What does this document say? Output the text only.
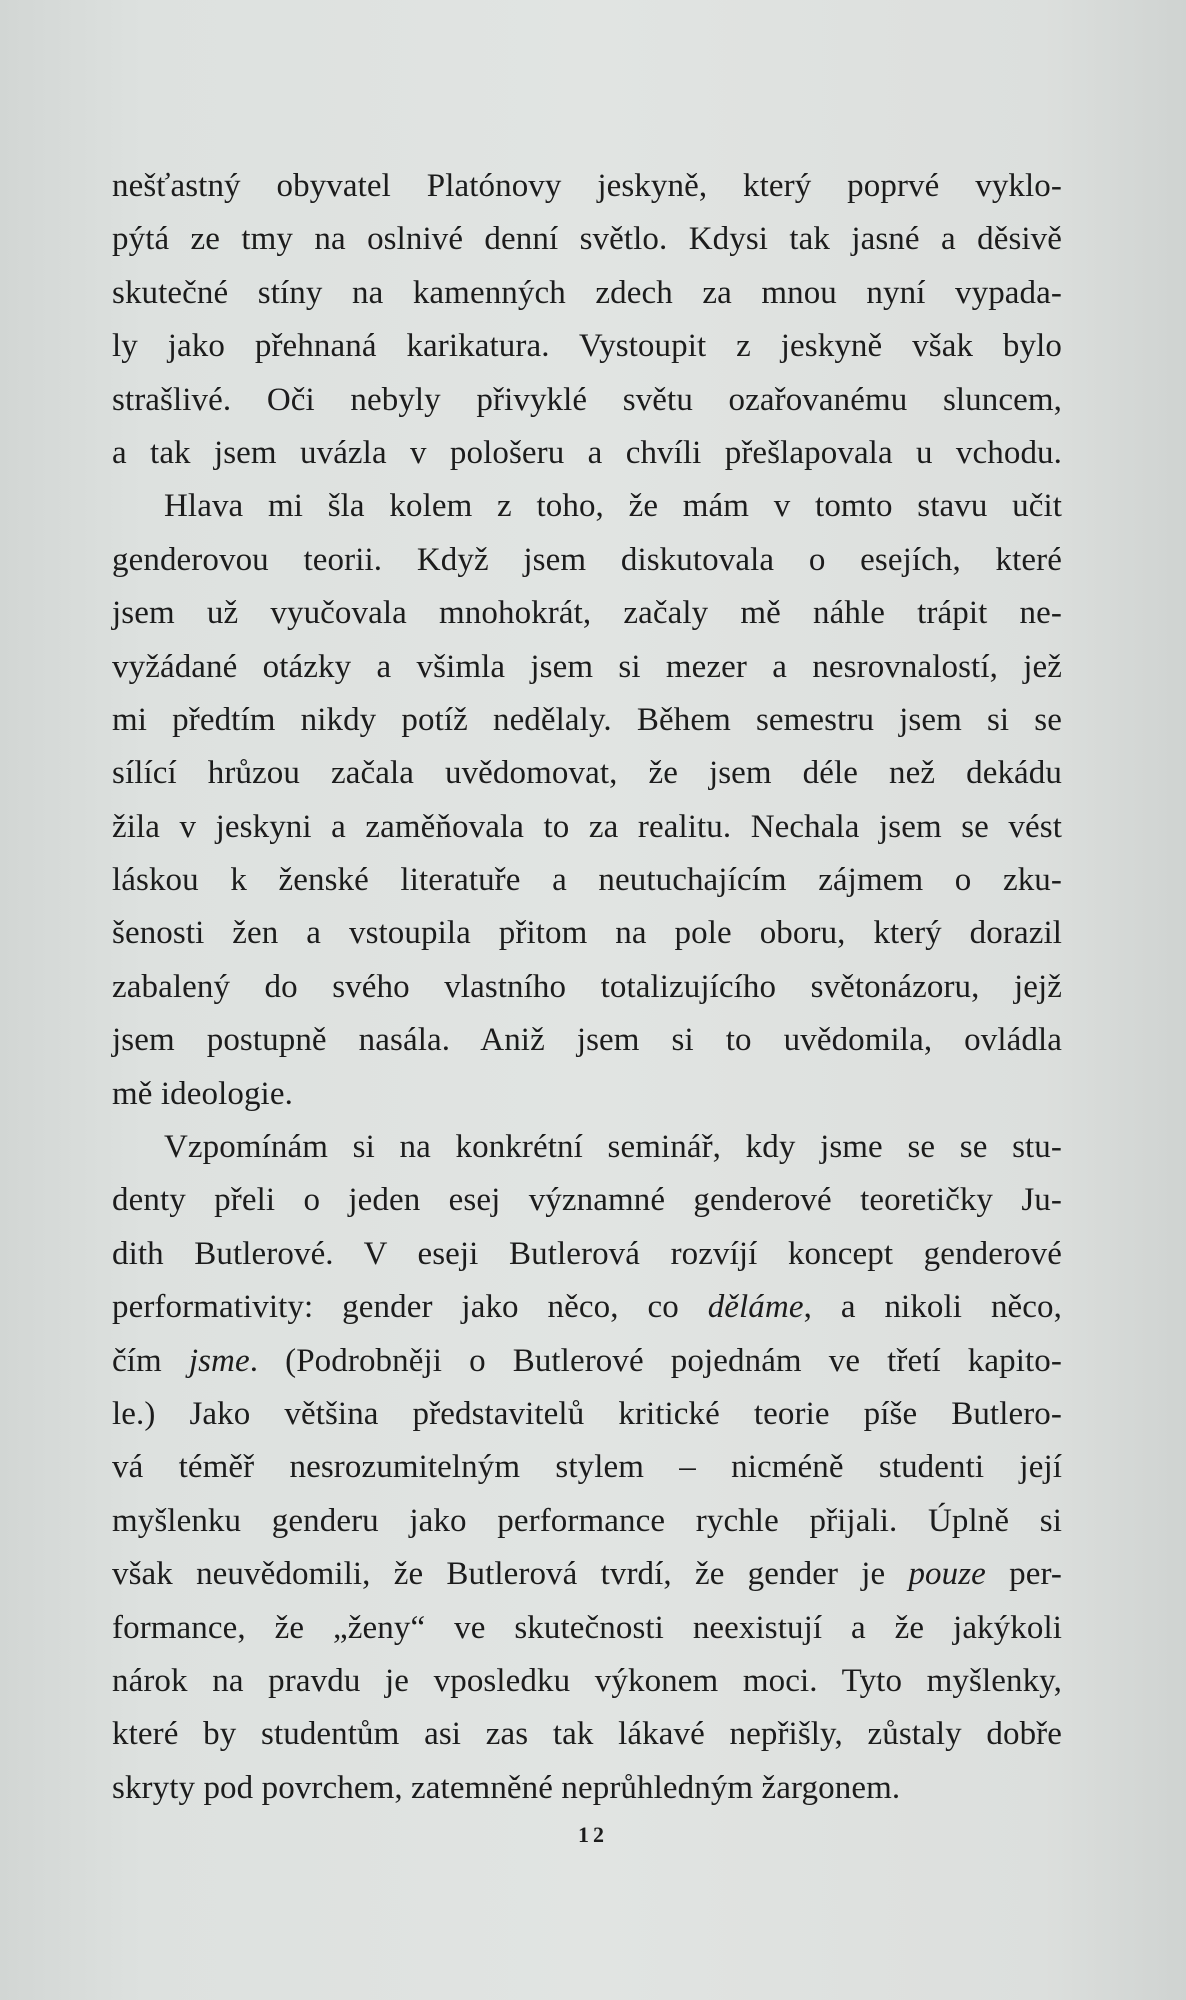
nešťastný obyvatel Platónovy jeskyně, který poprvé vyklo-
pýtá ze tmy na oslnivé denní světlo. Kdysi tak jasné a děsivě
skutečné stíny na kamenných zdech za mnou nyní vypada-
ly jako přehnaná karikatura. Vystoupit z jeskyně však bylo
strašlivé. Oči nebyly přivyklé světu ozařovanému sluncem,
a tak jsem uvázla v pološeru a chvíli přešlapovala u vchodu.
Hlava mi šla kolem z toho, že mám v tomto stavu učit
genderovou teorii. Když jsem diskutovala o esejích, které
jsem už vyučovala mnohokrát, začaly mě náhle trápit ne-
vyžádané otázky a všimla jsem si mezer a nesrovnalostí, jež
mi předtím nikdy potíž nedělaly. Během semestru jsem si se
sílící hrůzou začala uvědomovat, že jsem déle než dekádu
žila v jeskyni a zaměňovala to za realitu. Nechala jsem se vést
láskou k ženské literatuře a neutuchajícím zájmem o zku-
šenosti žen a vstoupila přitom na pole oboru, který dorazil
zabalený do svého vlastního totalizujícího světonázoru, jejž
jsem postupně nasála. Aniž jsem si to uvědomila, ovládla
mě ideologie.
Vzpomínám si na konkrétní seminář, kdy jsme se se stu-
denty přeli o jeden esej významné genderové teoretičky Ju-
dith Butlerové. V eseji Butlerová rozvíjí koncept genderové
performativity: gender jako něco, co děláme, a nikoli něco,
čím jsme. (Podrobněji o Butlerové pojednám ve třetí kapito-
le.) Jako většina představitelů kritické teorie píše Butlero-
vá téměř nesrozumitelným stylem – nicméně studenti její
myšlenku genderu jako performance rychle přijali. Úplně si
však neuvědomili, že Butlerová tvrdí, že gender je pouze per-
formance, že „ženy“ ve skutečnosti neexistují a že jakýkoli
nárok na pravdu je vposledku výkonem moci. Tyto myšlenky,
které by studentům asi zas tak lákavé nepřišly, zůstaly dobře
skryty pod povrchem, zatemněné neprůhledným žargonem.
12
